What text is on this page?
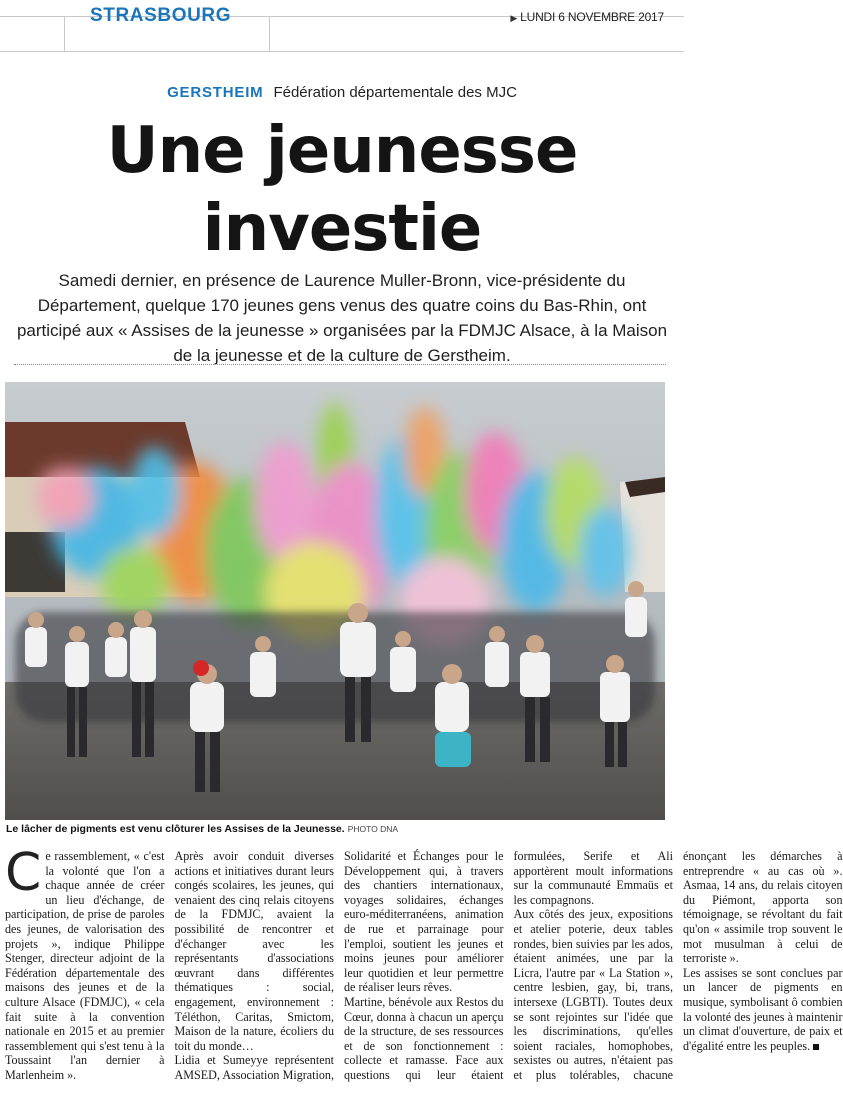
STRASBOURG	▶ LUNDI 6 NOVEMBRE 2017
GERSTHEIM Fédération départementale des MJC
Une jeunesse
investie
Samedi dernier, en présence de Laurence Muller-Bronn, vice-présidente du Département, quelque 170 jeunes gens venus des quatre coins du Bas-Rhin, ont participé aux « Assises de la jeunesse » organisées par la FDMJC Alsace, à la Maison de la jeunesse et de la culture de Gerstheim.
Le lâcher de pigments est venu clôturer les Assises de la Jeunesse. PHOTO DNA

Ce rassemblement, « c'est la volonté que l'on a chaque année de créer un lieu d'échange, de participation, de prise de paroles des jeunes, de valorisation des projets », indique Philippe Stenger, directeur adjoint de la Fédération départementale des maisons des jeunes et de la culture Alsace (FDMJC), « cela fait suite à la convention nationale en 2015 et au premier rassemblement qui s'est tenu à la Toussaint l'an dernier à Marlenheim ».

Après avoir conduit diverses actions et initiatives durant leurs congés scolaires, les jeunes, qui venaient des cinq relais citoyens de la FDMJC, avaient la possibilité de rencontrer et d'échanger avec les représentants d'associations œuvrant dans différentes thématiques : social, engagement, environnement : Téléthon, Caritas, Smictom, Maison de la nature, écoliers du toit du monde…

Lidia et Sumeyye représentent AMSED, Association Migration, Solidarité et Échanges pour le Développement qui, à travers des chantiers internationaux, voyages solidaires, échanges euro-méditerranéens, animation de rue et parrainage pour l'emploi, soutient les jeunes et moins jeunes pour améliorer leur quotidien et leur permettre de réaliser leurs rêves.

Martine, bénévole aux Restos du Cœur, donna à chacun un aperçu de la structure, de ses ressources et de son fonctionnement : collecte et ramasse. Face aux questions qui leur étaient formulées, Serife et Ali apportèrent moult informations sur la communauté Emmaüs et les compagnons.

Aux côtés des jeux, expositions et atelier poterie, deux tables rondes, bien suivies par les ados, étaient animées, une par la Licra, l'autre par « La Station », centre lesbien, gay, bi, trans, intersexe (LGBTI). Toutes deux se sont rejointes sur l'idée que les discriminations, qu'elles soient raciales, homophobes, sexistes ou autres, n'étaient pas et plus tolérables, chacune énonçant les démarches à entreprendre « au cas où ». Asmaa, 14 ans, du relais citoyen du Piémont, apporta son témoignage, se révoltant du fait qu'on « assimile trop souvent le mot musulman à celui de terroriste ».

Les assises se sont conclues par un lancer de pigments en musique, symbolisant ô combien la volonté des jeunes à maintenir un climat d'ouverture, de paix et d'égalité entre les peuples.
